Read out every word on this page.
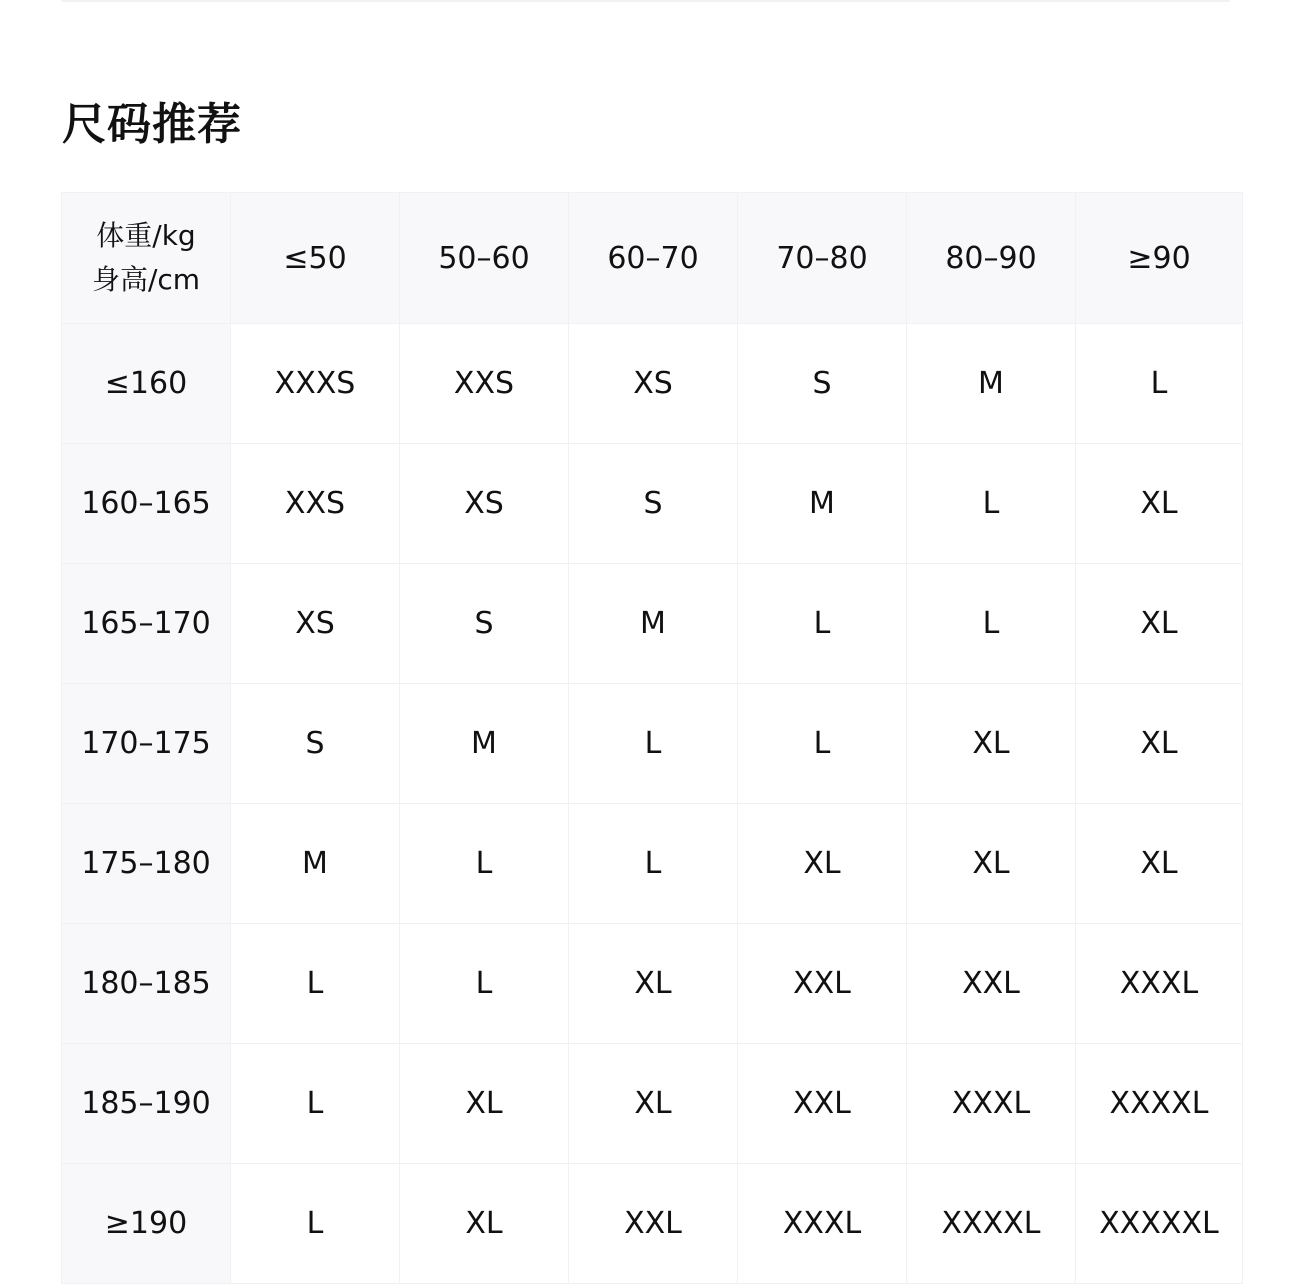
尺码推荐
体重/kg
身高/cm	≤50	50–60	60–70	70–80	80–90	≥90
≤160	XXXS	XXS	XS	S	M	L
160–165	XXS	XS	S	M	L	XL
165–170	XS	S	M	L	L	XL
170–175	S	M	L	L	XL	XL
175–180	M	L	L	XL	XL	XL
180–185	L	L	XL	XXL	XXL	XXXL
185–190	L	XL	XL	XXL	XXXL	XXXXL
≥190	L	XL	XXL	XXXL	XXXXL	XXXXXL
